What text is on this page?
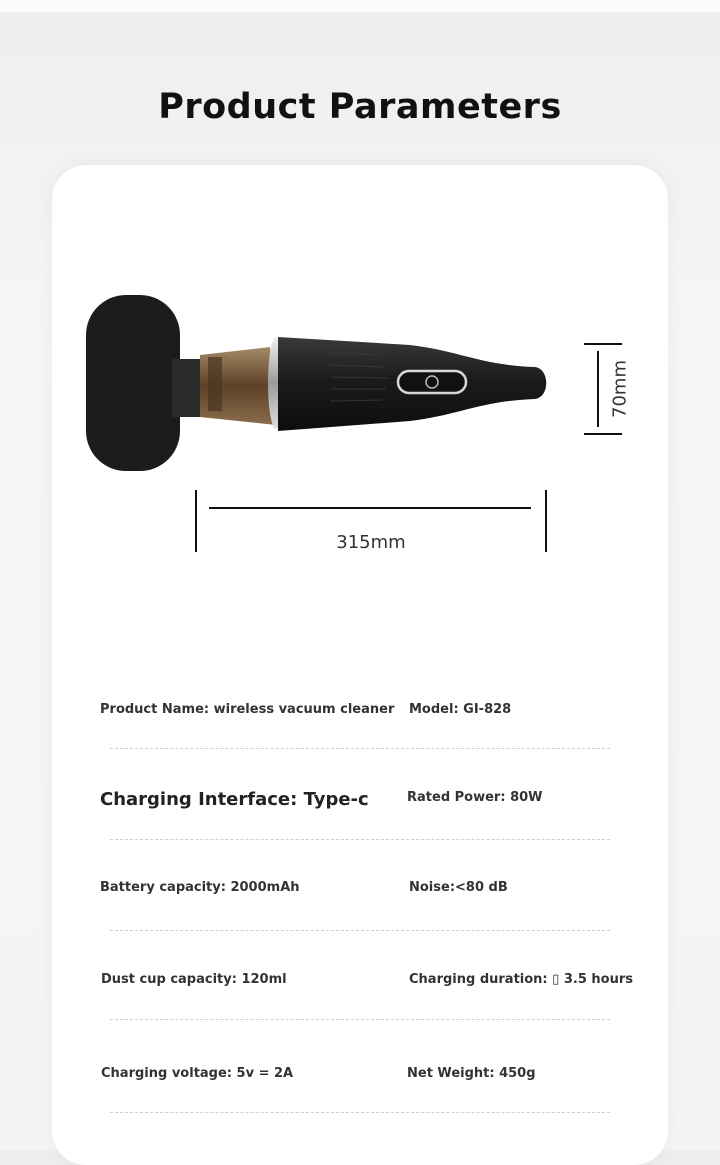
Product Parameters
315mm
70mm
Product Name: wireless vacuum cleaner Model: GI-828
Charging Interface: Type-c	Rated Power: 80W
Battery capacity: 2000mAh	Noise:<80 dB
Dust cup capacity: 120ml	Charging duration: ▯ 3.5 hours
Charging voltage: 5v = 2A	Net Weight: 450g
